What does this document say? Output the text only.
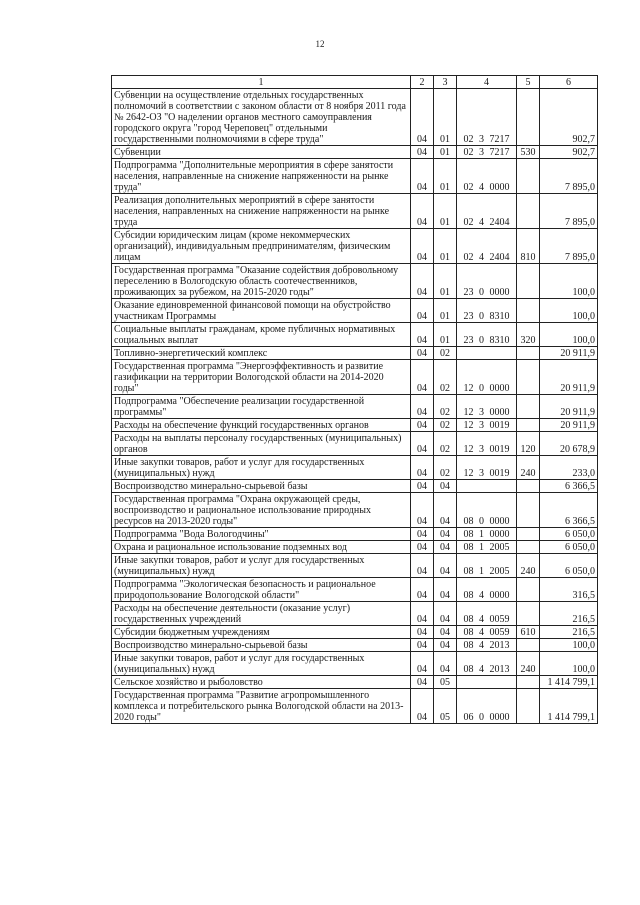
12
1	2	3	4	5	6
Субвенции на осуществление отдельных государственных полномочий в соответствии с законом области от 8 ноября 2011 года № 2642-ОЗ "О наделении органов местного самоуправления городского округа "город Череповец" отдельными государственными полномочиями в сфере труда"	04	01	02 3 7217		902,7
Субвенции	04	01	02 3 7217	530	902,7
Подпрограмма "Дополнительные мероприятия в сфере занятости населения, направленные на снижение напряженности на рынке труда"	04	01	02 4 0000		7 895,0
Реализация дополнительных мероприятий в сфере занятости населения, направленных на снижение напряженности на рынке труда	04	01	02 4 2404		7 895,0
Субсидии юридическим лицам (кроме некоммерческих организаций), индивидуальным предпринимателям, физическим лицам	04	01	02 4 2404	810	7 895,0
Государственная программа "Оказание содействия добровольному переселению в Вологодскую область соотечественников, проживающих за рубежом, на 2015-2020 годы"	04	01	23 0 0000		100,0
Оказание единовременной финансовой помощи на обустройство участникам Программы	04	01	23 0 8310		100,0
Социальные выплаты гражданам, кроме публичных нормативных социальных выплат	04	01	23 0 8310	320	100,0
Топливно-энергетический комплекс	04	02			20 911,9
Государственная программа "Энергоэффективность и развитие газификации на территории Вологодской области на 2014-2020 годы"	04	02	12 0 0000		20 911,9
Подпрограмма "Обеспечение реализации государственной программы"	04	02	12 3 0000		20 911,9
Расходы на обеспечение функций государственных органов	04	02	12 3 0019		20 911,9
Расходы на выплаты персоналу государственных (муниципальных) органов	04	02	12 3 0019	120	20 678,9
Иные закупки товаров, работ и услуг для государственных (муниципальных) нужд	04	02	12 3 0019	240	233,0
Воспроизводство минерально-сырьевой базы	04	04			6 366,5
Государственная программа "Охрана окружающей среды, воспроизводство и рациональное использование природных ресурсов на 2013-2020 годы"	04	04	08 0 0000		6 366,5
Подпрограмма "Вода Вологодчины"	04	04	08 1 0000		6 050,0
Охрана и рациональное использование подземных вод	04	04	08 1 2005		6 050,0
Иные закупки товаров, работ и услуг для государственных (муниципальных) нужд	04	04	08 1 2005	240	6 050,0
Подпрограмма "Экологическая безопасность и рациональное природопользование Вологодской области"	04	04	08 4 0000		316,5
Расходы на обеспечение деятельности (оказание услуг) государственных учреждений	04	04	08 4 0059		216,5
Субсидии бюджетным учреждениям	04	04	08 4 0059	610	216,5
Воспроизводство минерально-сырьевой базы	04	04	08 4 2013		100,0
Иные закупки товаров, работ и услуг для государственных (муниципальных) нужд	04	04	08 4 2013	240	100,0
Сельское хозяйство и рыболовство	04	05			1 414 799,1
Государственная программа "Развитие агропромышленного комплекса и потребительского рынка Вологодской области на 2013-2020 годы"	04	05	06 0 0000		1 414 799,1
